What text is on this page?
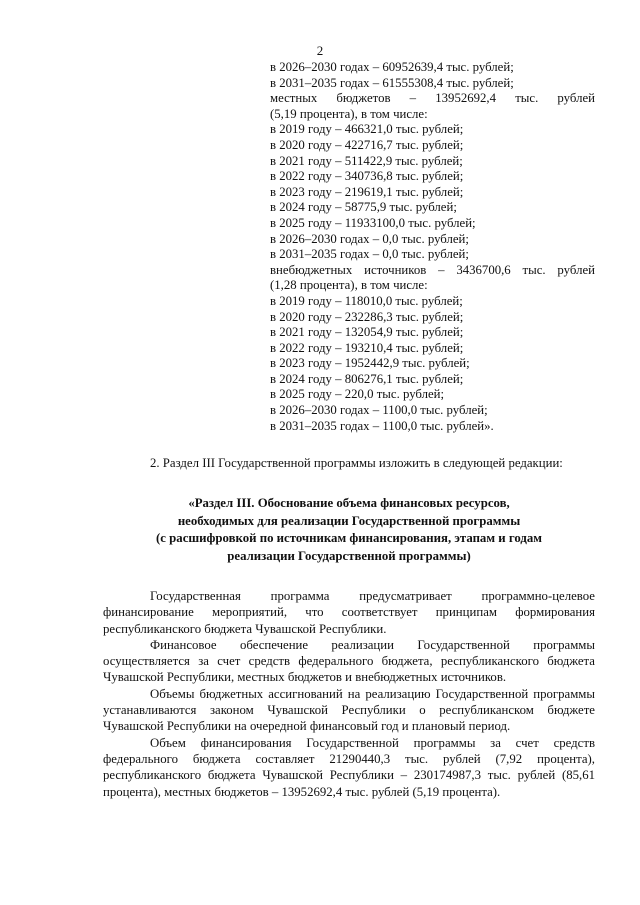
2
в 2026–2030 годах – 60952639,4 тыс. рублей;
в 2031–2035 годах – 61555308,4 тыс. рублей;
местных бюджетов – 13952692,4 тыс. рублей
(5,19 процента), в том числе:
в 2019 году – 466321,0 тыс. рублей;
в 2020 году – 422716,7 тыс. рублей;
в 2021 году – 511422,9 тыс. рублей;
в 2022 году – 340736,8 тыс. рублей;
в 2023 году – 219619,1 тыс. рублей;
в 2024 году – 58775,9 тыс. рублей;
в 2025 году – 11933100,0 тыс. рублей;
в 2026–2030 годах – 0,0 тыс. рублей;
в 2031–2035 годах – 0,0 тыс. рублей;
внебюджетных источников – 3436700,6 тыс. рублей
(1,28 процента), в том числе:
в 2019 году – 118010,0 тыс. рублей;
в 2020 году – 232286,3 тыс. рублей;
в 2021 году – 132054,9 тыс. рублей;
в 2022 году – 193210,4 тыс. рублей;
в 2023 году – 1952442,9 тыс. рублей;
в 2024 году – 806276,1 тыс. рублей;
в 2025 году – 220,0 тыс. рублей;
в 2026–2030 годах – 1100,0 тыс. рублей;
в 2031–2035 годах – 1100,0 тыс. рублей».

2. Раздел III Государственной программы изложить в следующей редакции:

«Раздел III. Обоснование объема финансовых ресурсов,
необходимых для реализации Государственной программы
(с расшифровкой по источникам финансирования, этапам и годам
реализации Государственной программы)

Государственная программа предусматривает программно-целевое финансирование мероприятий, что соответствует принципам формирования республиканского бюджета Чувашской Республики.

Финансовое обеспечение реализации Государственной программы осуществляется за счет средств федерального бюджета, республиканского бюджета Чувашской Республики, местных бюджетов и внебюджетных источников.

Объемы бюджетных ассигнований на реализацию Государственной программы устанавливаются законом Чувашской Республики о республиканском бюджете Чувашской Республики на очередной финансовый год и плановый период.

Объем финансирования Государственной программы за счет средств федерального бюджета составляет 21290440,3 тыс. рублей (7,92 процента), республиканского бюджета Чувашской Республики – 230174987,3 тыс. рублей (85,61 процента), местных бюджетов – 13952692,4 тыс. рублей (5,19 процента).
